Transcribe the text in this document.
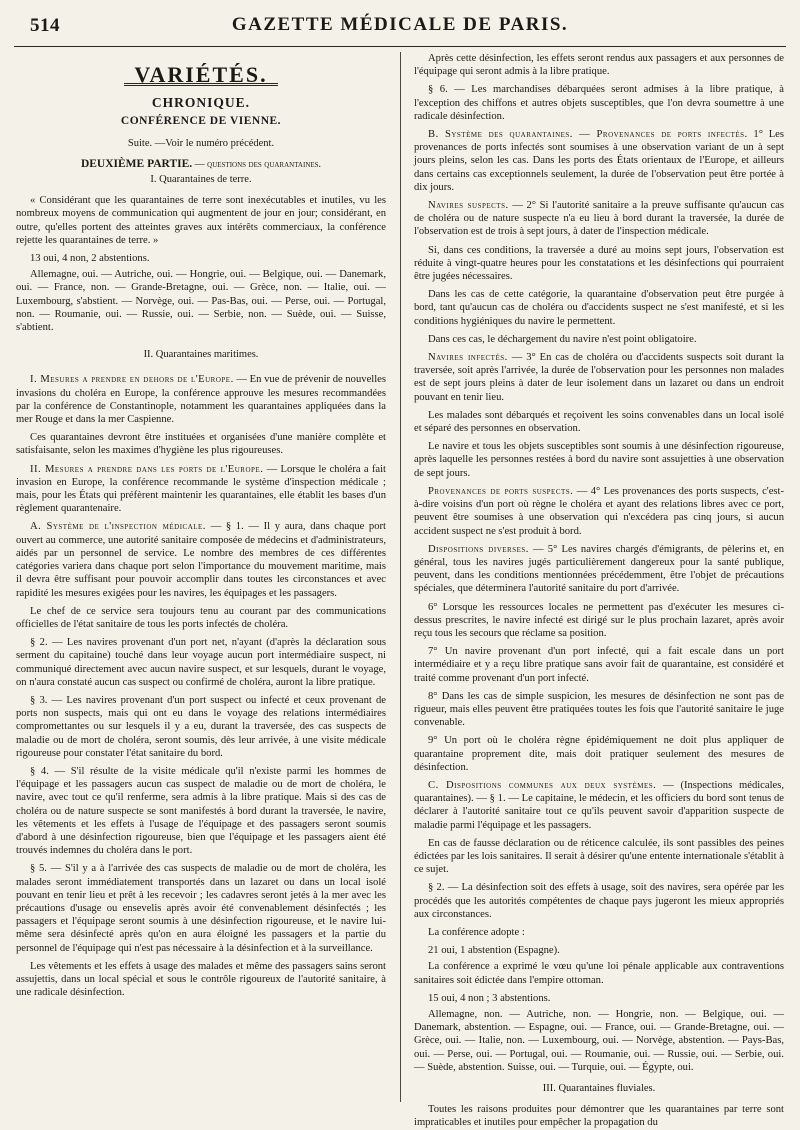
514	GAZETTE MÉDICALE DE PARIS.
VARIÉTÉS.
CHRONIQUE.
CONFÉRENCE DE VIENNE.
Suite. —Voir le numéro précédent.
DEUXIÈME PARTIE. — questions des quarantaines.
I. Quarantaines de terre.

« Considérant que les quarantaines de terre sont inexécutables et inutiles, vu les nombreux moyens de communication qui augmentent de jour en jour; considérant, en outre, qu'elles portent des atteintes graves aux intérêts commerciaux, la conférence rejette les quarantaines de terre. »

13 oui, 4 non, 2 abstentions.

Allemagne, oui. — Autriche, oui. — Hongrie, oui. — Belgique, oui. — Danemark, oui. — France, non. — Grande-Bretagne, oui. — Grèce, non. — Italie, oui. — Luxembourg, s'abstient. — Norvège, oui. — Pas-Bas, oui. — Perse, oui. — Portugal, non. — Roumanie, oui. — Russie, oui. — Serbie, non. — Suède, oui. — Suisse, s'abtient.

II. Quarantaines maritimes.

I. Mesures a prendre en dehors de l'Europe. — En vue de prévenir de nouvelles invasions du choléra en Europe, la conférence approuve les mesures recommandées par la conférence de Constantinople, notamment les quarantaines appliquées dans la mer Rouge et dans la mer Caspienne.

Ces quarantaines devront être instituées et organisées d'une manière complète et satisfaisante, selon les maximes d'hygiène les plus rigoureuses.

II. Mesures a prendre dans les ports de l'Europe. — Lorsque le choléra a fait invasion en Europe, la conférence recommande le système d'inspection médicale ; mais, pour les États qui préfèrent maintenir les quarantaines, elle établit les bases d'un règlement quarantenaire.

A. Système de l'inspection médicale. — § 1. — Il y aura, dans chaque port ouvert au commerce, une autorité sanitaire composée de médecins et d'administrateurs, aidés par un personnel de service. Le nombre des membres de ces différentes catégories variera dans chaque port selon l'importance du mouvement maritime, mais il devra être suffisant pour pouvoir accomplir dans toutes les circonstances et avec rapidité les mesures exigées pour les navires, les équipages et les passagers.

Le chef de ce service sera toujours tenu au courant par des communications officielles de l'état sanitaire de tous les ports infectés de choléra.

§ 2. — Les navires provenant d'un port net, n'ayant (d'après la déclaration sous serment du capitaine) touché dans leur voyage aucun port intermédiaire suspect, ni communiqué directement avec aucun navire suspect, et sur lesquels, durant le voyage, on n'aura constaté aucun cas suspect ou confirmé de choléra, auront la libre pratique.

§ 3. — Les navires provenant d'un port suspect ou infecté et ceux provenant de ports non suspects, mais qui ont eu dans le voyage des relations intermédiaires compromettantes ou sur lesquels il y a eu, durant la traversée, des cas suspects de maladie ou de mort de choléra, seront soumis, dès leur arrivée, à une visite médicale rigoureuse pour constater l'état sanitaire du bord.

§ 4. — S'il résulte de la visite médicale qu'il n'existe parmi les hommes de l'équipage et les passagers aucun cas suspect de maladie ou de mort de choléra, le navire, avec tout ce qu'il renferme, sera admis à la libre pratique. Mais si des cas de choléra ou de nature suspecte se sont manifestés à bord durant la traversée, le navire, les vêtements et les effets à l'usage de l'équipage et des passagers seront soumis d'abord à une désinfection rigoureuse, bien que l'équipage et les passagers aient été trouvés indemnes du choléra dans le port.

§ 5. — S'il y a à l'arrivée des cas suspects de maladie ou de mort de choléra, les malades seront immédiatement transportés dans un lazaret ou dans un local isolé pouvant en tenir lieu et prêt à les recevoir ; les cadavres seront jetés à la mer avec les précautions d'usage ou ensevelis après avoir été convenablement désinfectés ; les passagers et l'équipage seront soumis à une désinfection rigoureuse, et le navire lui-même sera désinfecté après qu'on en aura éloigné les passagers et la partie du personnel de l'équipage qui n'est pas nécessaire à la désinfection et à la surveillance.

Les vêtements et les effets à usage des malades et même des passagers sains seront assujettis, dans un local spécial et sous le contrôle rigoureux de l'autorité sanitaire, à une radicale désinfection.

Après cette désinfection, les effets seront rendus aux passagers et aux personnes de l'équipage qui seront admis à la libre pratique.

§ 6. — Les marchandises débarquées seront admises à la libre pratique, à l'exception des chiffons et autres objets susceptibles, que l'on devra soumettre à une radicale désinfection.

B. Système des quarantaines. — Provenances de ports infectés. 1° Les provenances de ports infectés sont soumises à une observation variant de un à sept jours pleins, selon les cas. Dans les ports des États orientaux de l'Europe, et ailleurs dans certains cas exceptionnels seulement, la durée de l'observation peut être portée à dix jours.

Navires suspects. — 2° Si l'autorité sanitaire a la preuve suffisante qu'aucun cas de choléra ou de nature suspecte n'a eu lieu à bord durant la traversée, la durée de l'observation est de trois à sept jours, à dater de l'inspection médicale.

Si, dans ces conditions, la traversée a duré au moins sept jours, l'observation est réduite à vingt-quatre heures pour les constatations et les désinfections qui pourraient être jugées nécessaires.

Dans les cas de cette catégorie, la quarantaine d'observation peut être purgée à bord, tant qu'aucun cas de choléra ou d'accidents suspect ne s'est manifesté, et si les conditions hygiéniques du navire le permettent.

Dans ces cas, le déchargement du navire n'est point obligatoire.

Navires infectés. — 3° En cas de choléra ou d'accidents suspects soit durant la traversée, soit après l'arrivée, la durée de l'observation pour les personnes non malades est de sept jours pleins à dater de leur isolement dans un lazaret ou dans un endroit pouvant en tenir lieu.

Les malades sont débarqués et reçoivent les soins convenables dans un local isolé et séparé des personnes en observation.

Le navire et tous les objets susceptibles sont soumis à une désinfection rigoureuse, après laquelle les personnes restées à bord du navire sont assujetties à une observation de sept jours.

Provenances de ports suspects. — 4° Les provenances des ports suspects, c'est-à-dire voisins d'un port où règne le choléra et ayant des relations libres avec ce port, peuvent être soumises à une observation qui n'excédera pas cinq jours, si aucun accident suspect ne s'est produit à bord.

Dispositions diverses. — 5° Les navires chargés d'émigrants, de pèlerins et, en général, tous les navires jugés particulièrement dangereux pour la santé publique, peuvent, dans les conditions mentionnées précédemment, être l'objet de précautions spéciales, que déterminera l'autorité sanitaire du port d'arrivée.

6° Lorsque les ressources locales ne permettent pas d'exécuter les mesures ci-dessus prescrites, le navire infecté est dirigé sur le plus prochain lazaret, après avoir reçu tous les secours que réclame sa position.

7° Un navire provenant d'un port infecté, qui a fait escale dans un port intermédiaire et y a reçu libre pratique sans avoir fait de quarantaine, est considéré et traité comme provenant d'un port infecté.

8° Dans les cas de simple suspicion, les mesures de désinfection ne sont pas de rigueur, mais elles peuvent être pratiquées toutes les fois que l'autorité sanitaire le juge convenable.

9° Un port où le choléra règne épidémiquement ne doit plus appliquer de quarantaine proprement dite, mais doit pratiquer seulement des mesures de désinfection.

C. Dispositions communes aux deux systèmes. — (Inspections médicales, quarantaines). — § 1. — Le capitaine, le médecin, et les officiers du bord sont tenus de déclarer à l'autorité sanitaire tout ce qu'ils peuvent savoir d'apparition suspecte de maladie parmi l'équipage et les passagers.

En cas de fausse déclaration ou de réticence calculée, ils sont passibles des peines édictées par les lois sanitaires. Il serait à désirer qu'une entente internationale s'établit à ce sujet.

§ 2. — La désinfection soit des effets à usage, soit des navires, sera opérée par les procédés que les autorités compétentes de chaque pays jugeront les mieux appropriés aux circonstances.

La conférence adopte :

21 oui, 1 abstention (Espagne).

La conférence a exprimé le vœu qu'une loi pénale applicable aux contraventions sanitaires soit édictée dans l'empire ottoman.

15 oui, 4 non ; 3 abstentions.

Allemagne, non. — Autriche, non. — Hongrie, non. — Belgique, oui. — Danemark, abstention. — Espagne, oui. — France, oui. — Grande-Bretagne, oui. — Grèce, oui. — Italie, non. — Luxembourg, oui. — Norvège, abstention. — Pays-Bas, oui. — Perse, oui. — Portugal, oui. — Roumanie, oui. — Russie, oui. — Serbie, oui. — Suède, abstention. Suisse, oui. — Turquie, oui. — Égypte, oui.

III. Quarantaines fluviales.

Toutes les raisons produites pour démontrer que les quarantaines par terre sont impraticables et inutiles pour empêcher la propagation du
